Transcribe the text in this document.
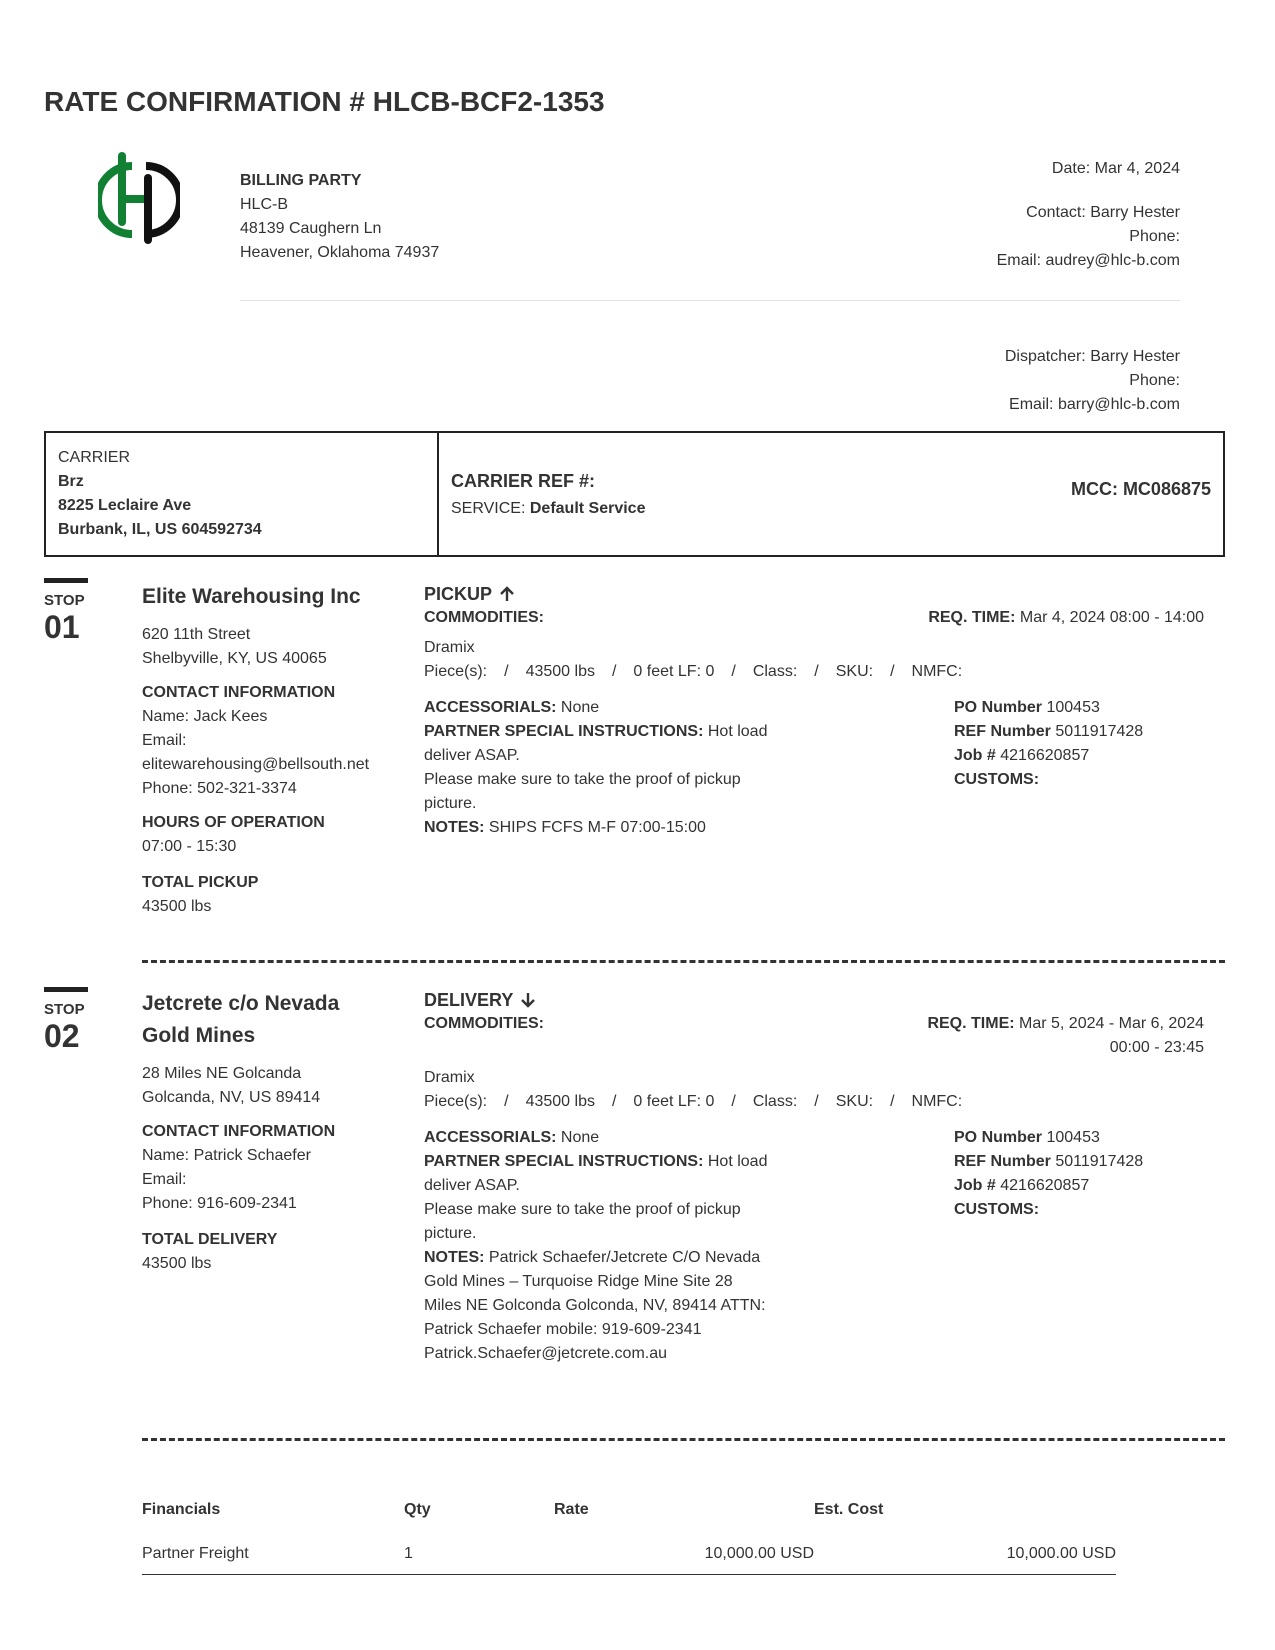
RATE CONFIRMATION # HLCB-BCF2-1353
BILLING PARTY
HLC-B
48139 Caughern Ln
Heavener, Oklahoma 74937
Date: Mar 4, 2024
Contact: Barry Hester
Phone:
Email: audrey@hlc-b.com
Dispatcher: Barry Hester
Phone:
Email: barry@hlc-b.com
CARRIER
Brz
8225 Leclaire Ave
Burbank, IL, US 604592734
CARRIER REF #:
SERVICE: Default Service
MCC: MC086875
STOP
01
Elite Warehousing Inc
620 11th Street
Shelbyville, KY, US 40065
CONTACT INFORMATION
Name: Jack Kees
Email:
elitewarehousing@bellsouth.net
Phone: 502-321-3374
HOURS OF OPERATION
07:00 - 15:30
TOTAL PICKUP
43500 lbs
PICKUP
COMMODITIES:	REQ. TIME: Mar 4, 2024 08:00 - 14:00
Dramix
Piece(s): / 43500 lbs / 0 feet LF: 0 / Class: / SKU: / NMFC:
ACCESSORIALS: None
PARTNER SPECIAL INSTRUCTIONS: Hot load
deliver ASAP.
Please make sure to take the proof of pickup
picture.
NOTES: SHIPS FCFS M-F 07:00-15:00
PO Number 100453
REF Number 5011917428
Job # 4216620857
CUSTOMS:
STOP
02
Jetcrete c/o Nevada
Gold Mines
28 Miles NE Golcanda
Golcanda, NV, US 89414
CONTACT INFORMATION
Name: Patrick Schaefer
Email:
Phone: 916-609-2341
TOTAL DELIVERY
43500 lbs
DELIVERY
COMMODITIES:	REQ. TIME: Mar 5, 2024 - Mar 6, 2024
00:00 - 23:45
Dramix
Piece(s): / 43500 lbs / 0 feet LF: 0 / Class: / SKU: / NMFC:
ACCESSORIALS: None
PARTNER SPECIAL INSTRUCTIONS: Hot load
deliver ASAP.
Please make sure to take the proof of pickup
picture.
NOTES: Patrick Schaefer/Jetcrete C/O Nevada
Gold Mines – Turquoise Ridge Mine Site 28
Miles NE Golconda Golconda, NV, 89414 ATTN:
Patrick Schaefer mobile: 919-609-2341
Patrick.Schaefer@jetcrete.com.au
PO Number 100453
REF Number 5011917428
Job # 4216620857
CUSTOMS:
Financials	Qty	Rate	Est. Cost
Partner Freight	1	10,000.00 USD	10,000.00 USD
